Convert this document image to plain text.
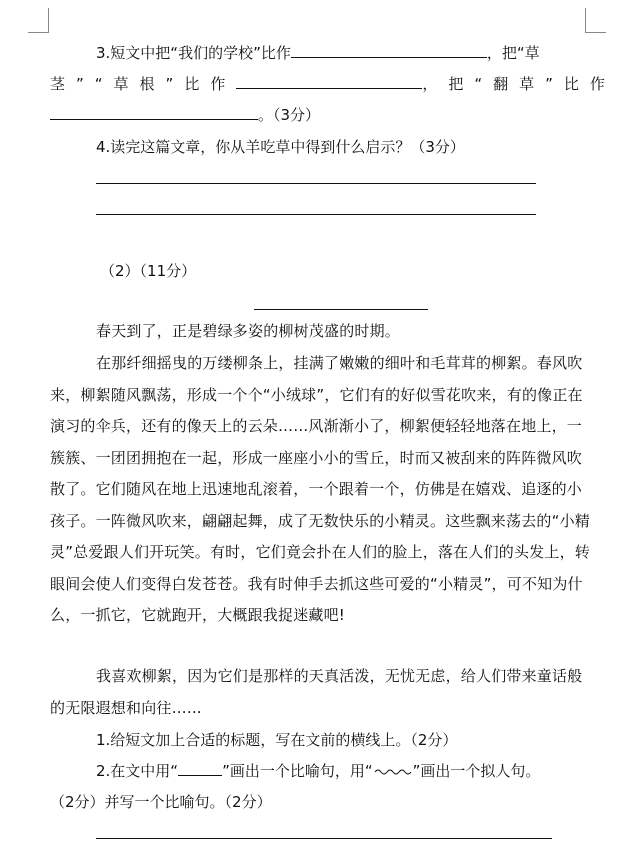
3.短文中把“我们的学校”比作	，把“草
茎”“草根”比作	，把“翻草”比作
。（3分）
4.读完这篇文章，你从羊吃草中得到什么启示？（3分）
（2）（11分）
春天到了，正是碧绿多姿的柳树茂盛的时期。
在那纤细摇曳的万缕柳条上，挂满了嫩嫩的细叶和毛茸茸的柳絮。春风吹来，柳絮随风飘荡，形成一个个“小绒球”，它们有的好似雪花吹来，有的像正在演习的伞兵，还有的像天上的云朵……风渐渐小了，柳絮便轻轻地落在地上，一簇簇、一团团拥抱在一起，形成一座座小小的雪丘，时而又被刮来的阵阵微风吹散了。它们随风在地上迅速地乱滚着，一个跟着一个，仿佛是在嬉戏、追逐的小孩子。一阵微风吹来，翩翩起舞，成了无数快乐的小精灵。这些飘来荡去的“小精灵”总爱跟人们开玩笑。有时，它们竟会扑在人们的脸上，落在人们的头发上，转眼间会使人们变得白发苍苍。我有时伸手去抓这些可爱的“小精灵”，可不知为什么，一抓它，它就跑开，大概跟我捉迷藏吧!
我喜欢柳絮，因为它们是那样的天真活泼，无忧无虑，给人们带来童话般的无限遐想和向往……
1.给短文加上合适的标题，写在文前的横线上。（2分）
2.在文中用“	”画出一个比喻句，用“	”画出一个拟人句。
（2分）并写一个比喻句。（2分）
